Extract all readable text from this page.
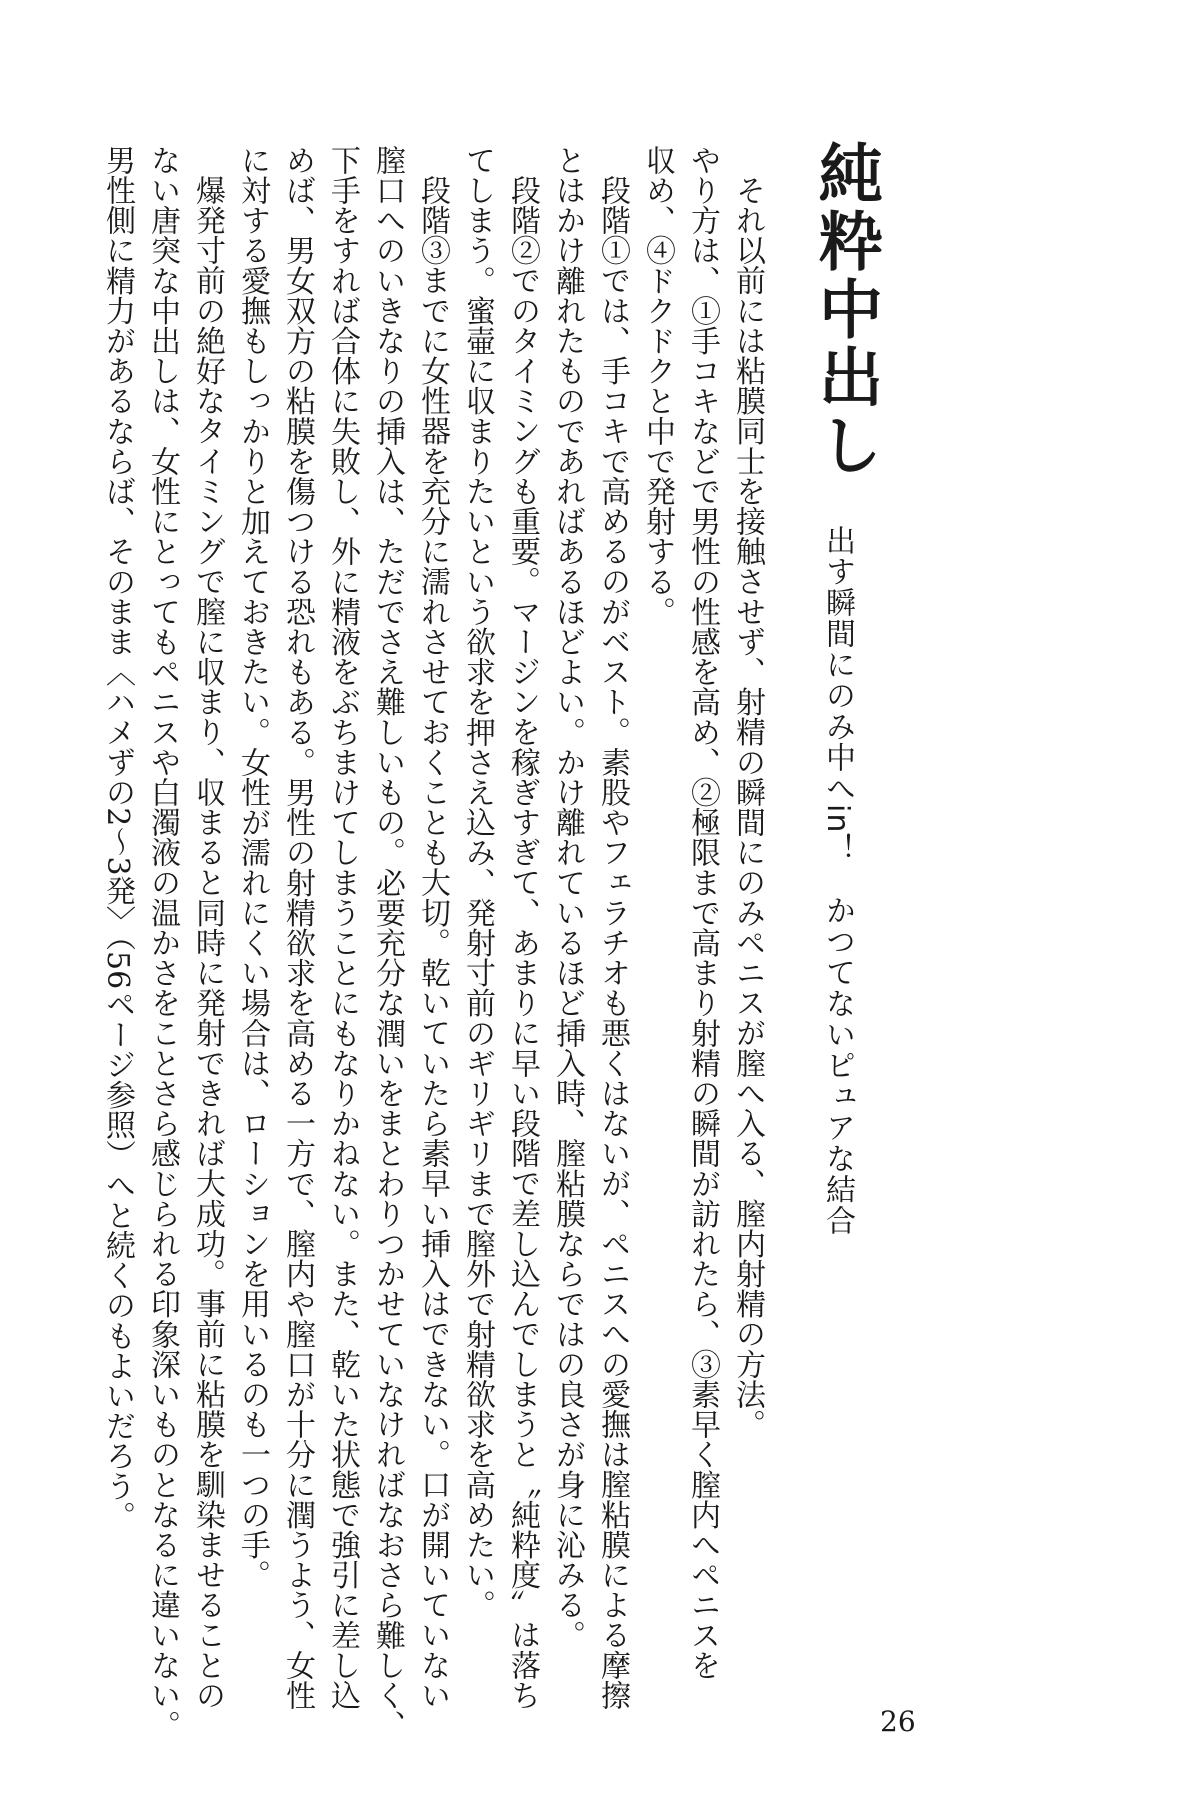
純粋中出し
出す瞬間にのみ中へin！　かつてないピュアな結合
それ以前には粘膜同士を接触させず、射精の瞬間にのみペニスが膣へ入る、膣内射精の方法。
やり方は、①手コキなどで男性の性感を高め、②極限まで高まり射精の瞬間が訪れたら、③素早く膣内へペニスを
収め、④ドクドクと中で発射する。
段階①では、手コキで高めるのがベスト。素股やフェラチオも悪くはないが、ペニスへの愛撫は膣粘膜による摩擦
とはかけ離れたものであればあるほどよい。かけ離れているほど挿入時、膣粘膜ならではの良さが身に沁みる。
段階②でのタイミングも重要。マージンを稼ぎすぎて、あまりに早い段階で差し込んでしまうと〝純粋度〟は落ち
てしまう。蜜壷に収まりたいという欲求を押さえ込み、発射寸前のギリギリまで膣外で射精欲求を高めたい。
段階③までに女性器を充分に濡れさせておくことも大切。乾いていたら素早い挿入はできない。口が開いていない
膣口へのいきなりの挿入は、ただでさえ難しいもの。必要充分な潤いをまとわりつかせていなければなおさら難しく、
下手をすれば合体に失敗し、外に精液をぶちまけてしまうことにもなりかねない。また、乾いた状態で強引に差し込
めば、男女双方の粘膜を傷つける恐れもある。男性の射精欲求を高める一方で、膣内や膣口が十分に潤うよう、女性
に対する愛撫もしっかりと加えておきたい。女性が濡れにくい場合は、ローションを用いるのも一つの手。
爆発寸前の絶好なタイミングで膣に収まり、収まると同時に発射できれば大成功。事前に粘膜を馴染ませることの
ない唐突な中出しは、女性にとってもペニスや白濁液の温かさをことさら感じられる印象深いものとなるに違いない。
男性側に精力があるならば、そのまま〈ハメずの2～3発〉（56ページ参照）へと続くのもよいだろう。
26
